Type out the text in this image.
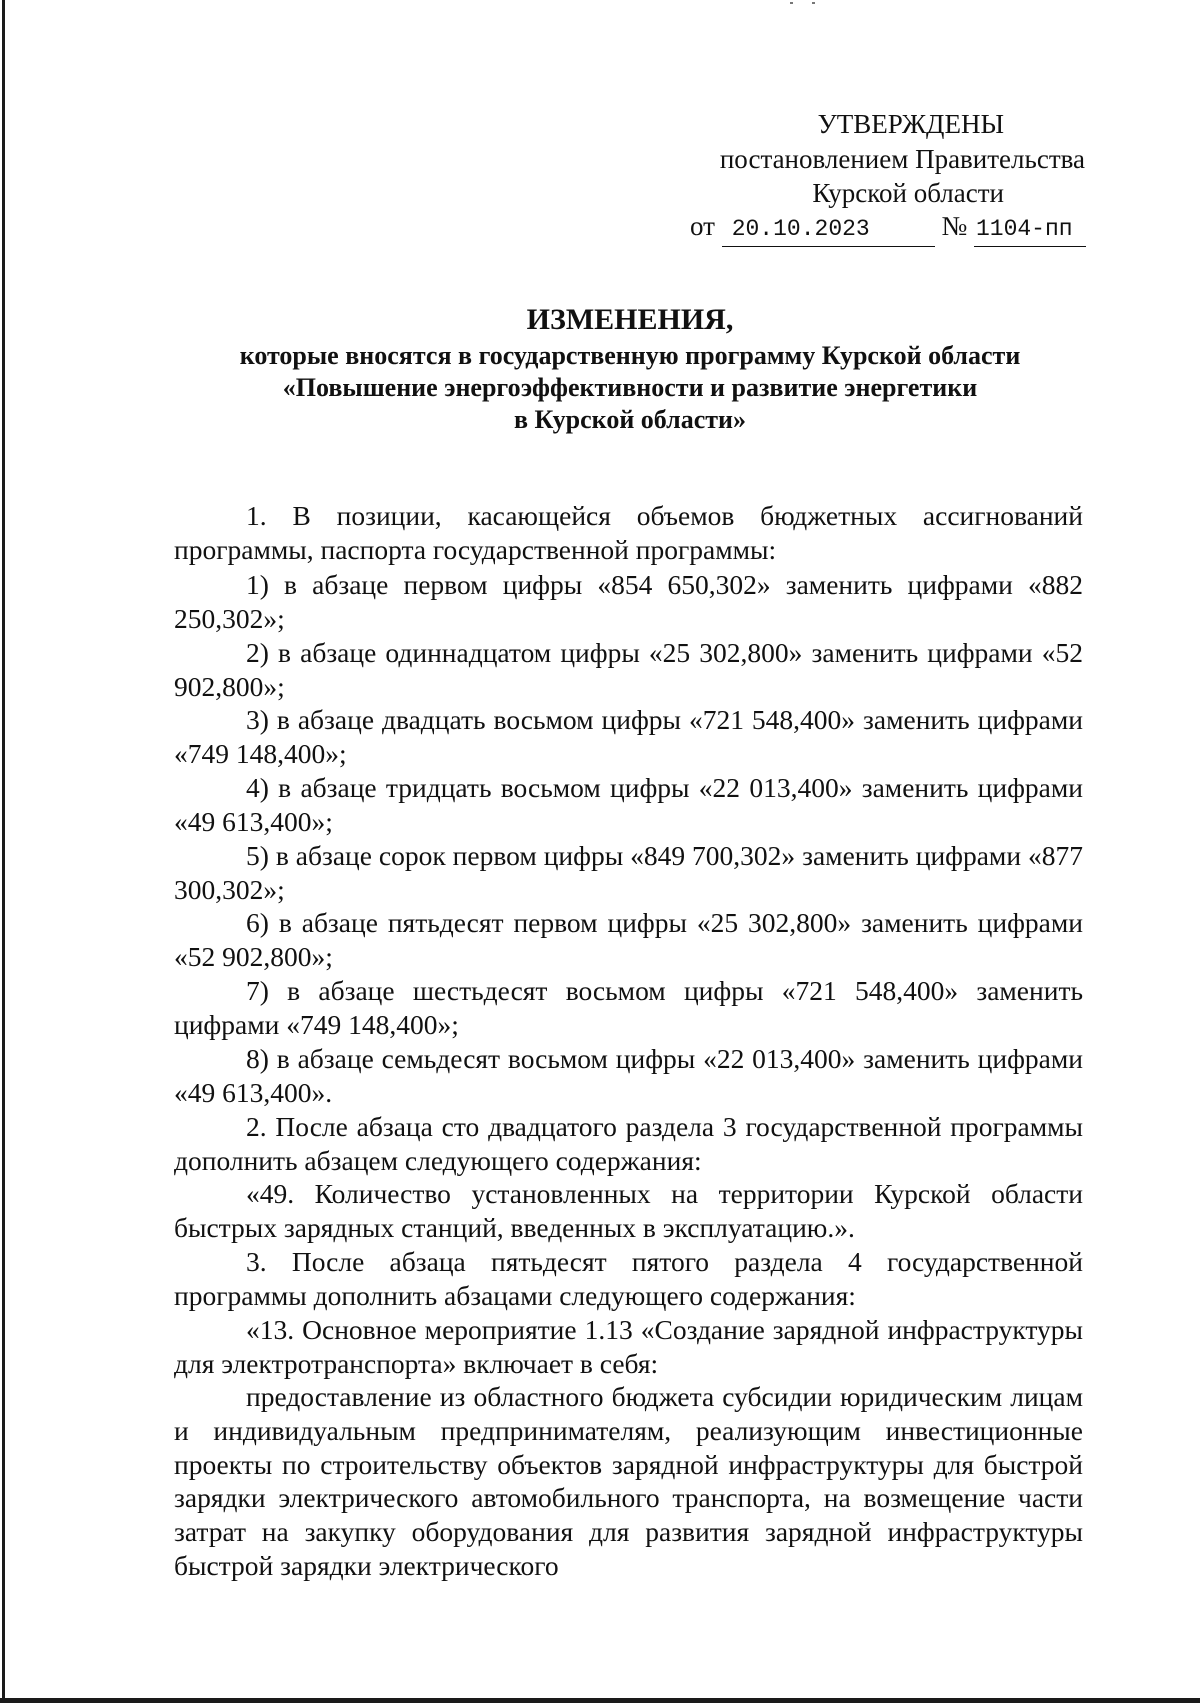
УТВЕРЖДЕНЫ
постановлением Правительства
Курской области
от 20.10.2023	№ 1104-пп
ИЗМЕНЕНИЯ,
которые вносятся в государственную программу Курской области
«Повышение энергоэффективности и развитие энергетики
в Курской области»
1. В позиции, касающейся объемов бюджетных ассигнований программы, паспорта государственной программы:
1) в абзаце первом цифры «854 650,302» заменить цифрами «882 250,302»;
2) в абзаце одиннадцатом цифры «25 302,800» заменить цифрами «52 902,800»;
3) в абзаце двадцать восьмом цифры «721 548,400» заменить цифрами «749 148,400»;
4) в абзаце тридцать восьмом цифры «22 013,400» заменить цифрами «49 613,400»;
5) в абзаце сорок первом цифры «849 700,302» заменить цифрами «877 300,302»;
6) в абзаце пятьдесят первом цифры «25 302,800» заменить цифрами «52 902,800»;
7) в абзаце шестьдесят восьмом цифры «721 548,400» заменить цифрами «749 148,400»;
8) в абзаце семьдесят восьмом цифры «22 013,400» заменить цифрами «49 613,400».
2. После абзаца сто двадцатого раздела 3 государственной программы дополнить абзацем следующего содержания:
«49. Количество установленных на территории Курской области быстрых зарядных станций, введенных в эксплуатацию.».
3. После абзаца пятьдесят пятого раздела 4 государственной программы дополнить абзацами следующего содержания:
«13. Основное мероприятие 1.13 «Создание зарядной инфраструктуры для электротранспорта» включает в себя:
предоставление из областного бюджета субсидии юридическим лицам и индивидуальным предпринимателям, реализующим инвестиционные проекты по строительству объектов зарядной инфраструктуры для быстрой зарядки электрического автомобильного транспорта, на возмещение части затрат на закупку оборудования для развития зарядной инфраструктуры быстрой зарядки электрического
